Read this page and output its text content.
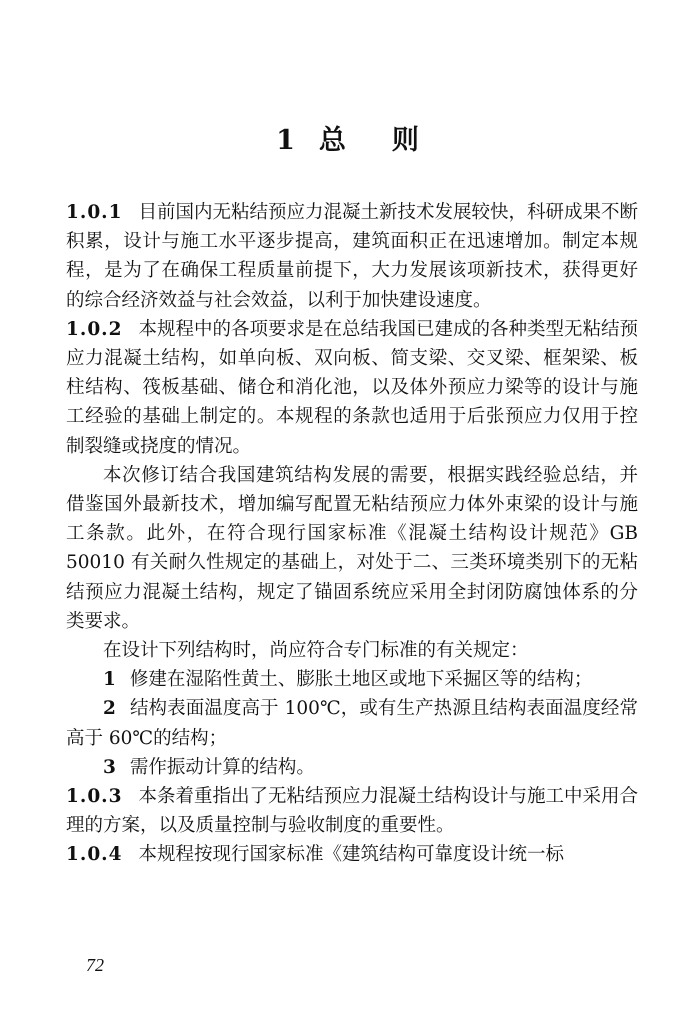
1 总 则

1.0.1 目前国内无粘结预应力混凝土新技术发展较快，科研成果不断积累，设计与施工水平逐步提高，建筑面积正在迅速增加。制定本规程，是为了在确保工程质量前提下，大力发展该项新技术，获得更好的综合经济效益与社会效益，以利于加快建设速度。

1.0.2 本规程中的各项要求是在总结我国已建成的各种类型无粘结预应力混凝土结构，如单向板、双向板、简支梁、交叉梁、框架梁、板柱结构、筏板基础、储仓和消化池，以及体外预应力梁等的设计与施工经验的基础上制定的。本规程的条款也适用于后张预应力仅用于控制裂缝或挠度的情况。

本次修订结合我国建筑结构发展的需要，根据实践经验总结，并借鉴国外最新技术，增加编写配置无粘结预应力体外束梁的设计与施工条款。此外，在符合现行国家标准《混凝土结构设计规范》GB 50010 有关耐久性规定的基础上，对处于二、三类环境类别下的无粘结预应力混凝土结构，规定了锚固系统应采用全封闭防腐蚀体系的分类要求。

在设计下列结构时，尚应符合专门标准的有关规定：

1 修建在湿陷性黄土、膨胀土地区或地下采掘区等的结构；

2 结构表面温度高于 100℃，或有生产热源且结构表面温度经常高于 60℃的结构；

3 需作振动计算的结构。

1.0.3 本条着重指出了无粘结预应力混凝土结构设计与施工中采用合理的方案，以及质量控制与验收制度的重要性。

1.0.4 本规程按现行国家标准《建筑结构可靠度设计统一标

72
